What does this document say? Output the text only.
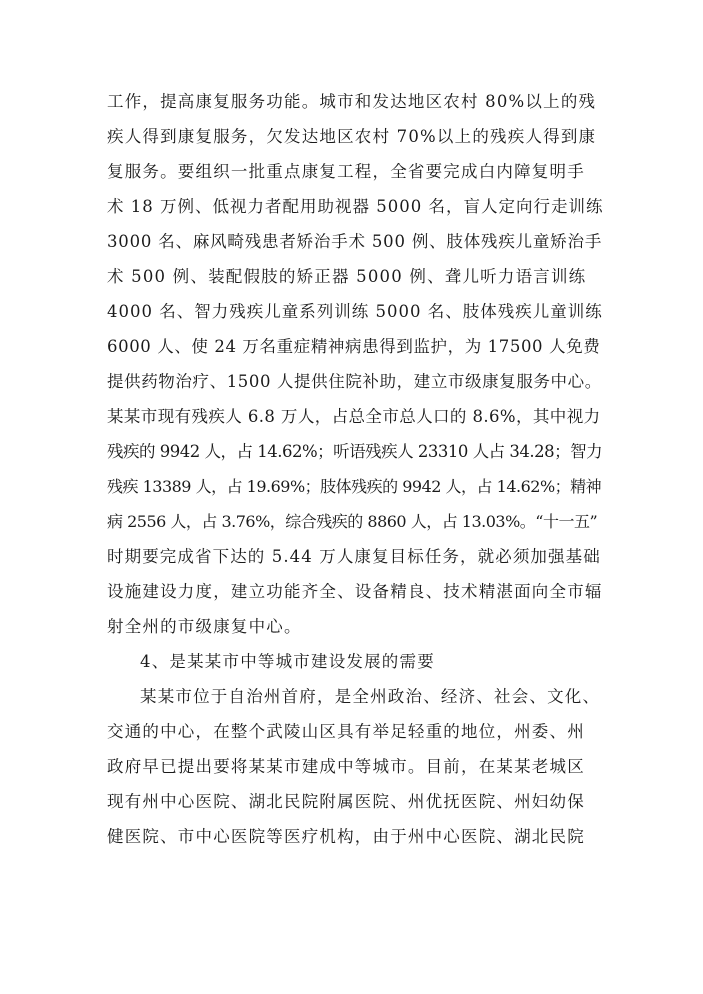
工作，提高康复服务功能。城市和发达地区农村 80%以上的残
疾人得到康复服务，欠发达地区农村 70%以上的残疾人得到康
复服务。要组织一批重点康复工程，全省要完成白内障复明手
术 18 万例、低视力者配用助视器 5000 名，盲人定向行走训练
3000 名、麻风畸残患者矫治手术 500 例、肢体残疾儿童矫治手
术 500 例、装配假肢的矫正器 5000 例、聋儿听力语言训练
4000 名、智力残疾儿童系列训练 5000 名、肢体残疾儿童训练
6000 人、使 24 万名重症精神病患得到监护，为 17500 人免费
提供药物治疗、1500 人提供住院补助，建立市级康复服务中心。
某某市现有残疾人 6.8 万人，占总全市总人口的 8.6%，其中视力
残疾的 9942 人，占 14.62%；听语残疾人 23310 人占 34.28；智力
残疾 13389 人，占 19.69%；肢体残疾的 9942 人，占 14.62%；精神
病 2556 人，占 3.76%，综合残疾的 8860 人，占 13.03%。“十一五”
时期要完成省下达的 5.44 万人康复目标任务，就必须加强基础
设施建设力度，建立功能齐全、设备精良、技术精湛面向全市辐
射全州的市级康复中心。
4、是某某市中等城市建设发展的需要
某某市位于自治州首府，是全州政治、经济、社会、文化、
交通的中心，在整个武陵山区具有举足轻重的地位，州委、州
政府早已提出要将某某市建成中等城市。目前，在某某老城区
现有州中心医院、湖北民院附属医院、州优抚医院、州妇幼保
健医院、市中心医院等医疗机构，由于州中心医院、湖北民院
